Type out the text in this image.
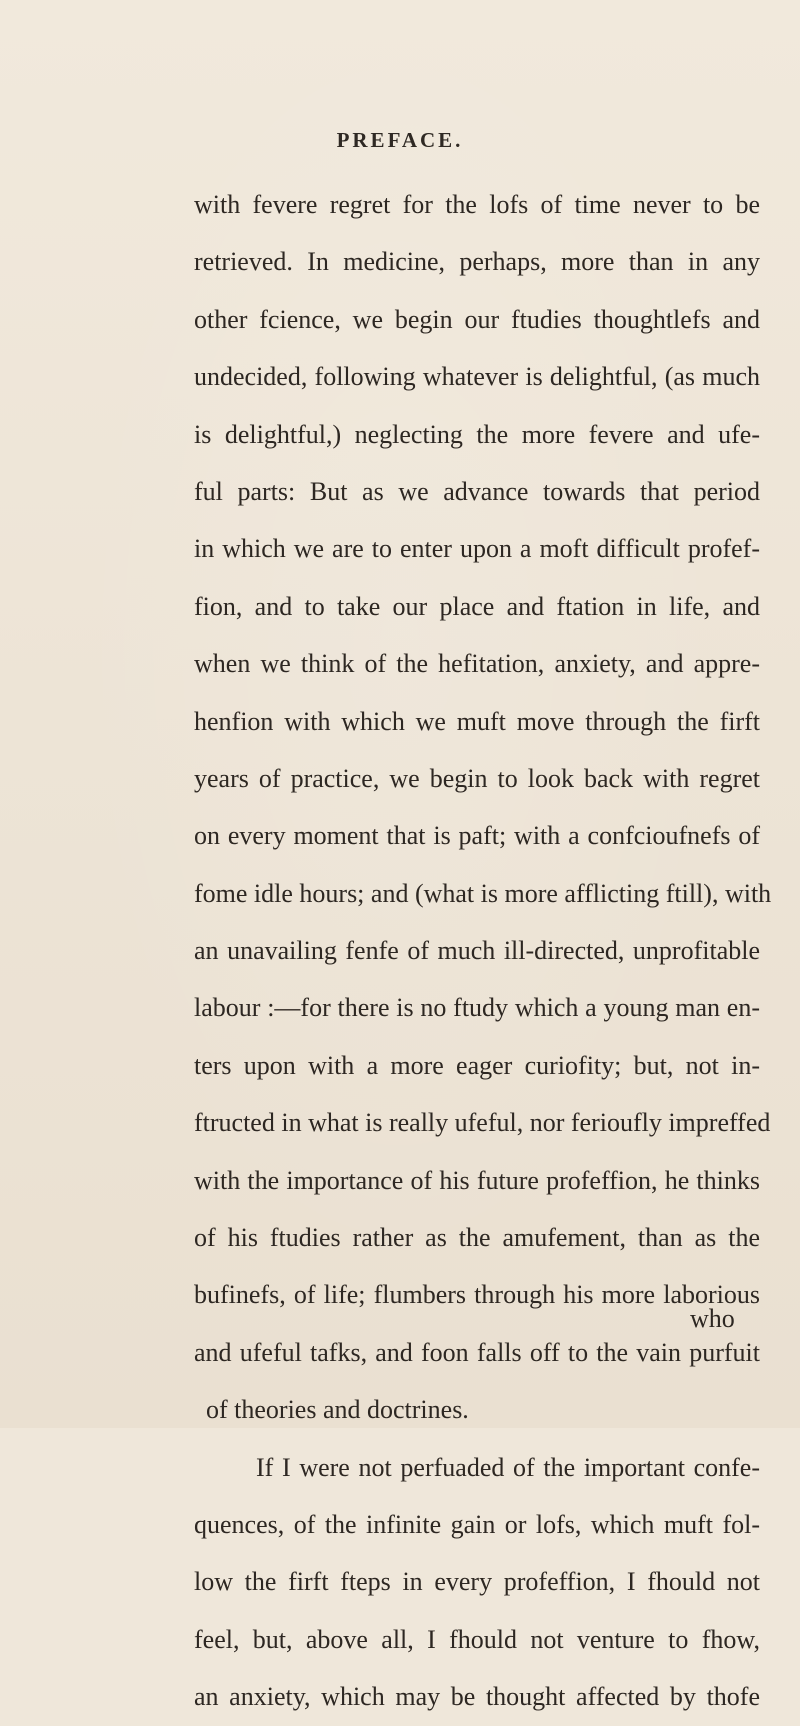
PREFACE.
with fevere regret for the lofs of time never to be
retrieved. In medicine, perhaps, more than in any
other fcience, we begin our ftudies thoughtlefs and
undecided, following whatever is delightful, (as much
is delightful,) neglecting the more fevere and ufe-
ful parts: But as we advance towards that period
in which we are to enter upon a moft difficult profef-
fion, and to take our place and ftation in life, and
when we think of the hefitation, anxiety, and appre-
henfion with which we muft move through the firft
years of practice, we begin to look back with regret
on every moment that is paft; with a confcioufnefs of
fome idle hours; and (what is more afflicting ftill), with
an unavailing fenfe of much ill-directed, unprofitable
labour :—for there is no ftudy which a young man en-
ters upon with a more eager curiofity; but, not in-
ftructed in what is really ufeful, nor ferioufly impreffed
with the importance of his future profeffion, he thinks
of his ftudies rather as the amufement, than as the
bufinefs, of life; flumbers through his more laborious
and ufeful tafks, and foon falls off to the vain purfuit
of theories and doctrines.
If I were not perfuaded of the important confe-
quences, of the infinite gain or lofs, which muft fol-
low the firft fteps in every profeffion, I fhould not
feel, but, above all, I fhould not venture to fhow,
an anxiety, which may be thought affected by thofe
who
